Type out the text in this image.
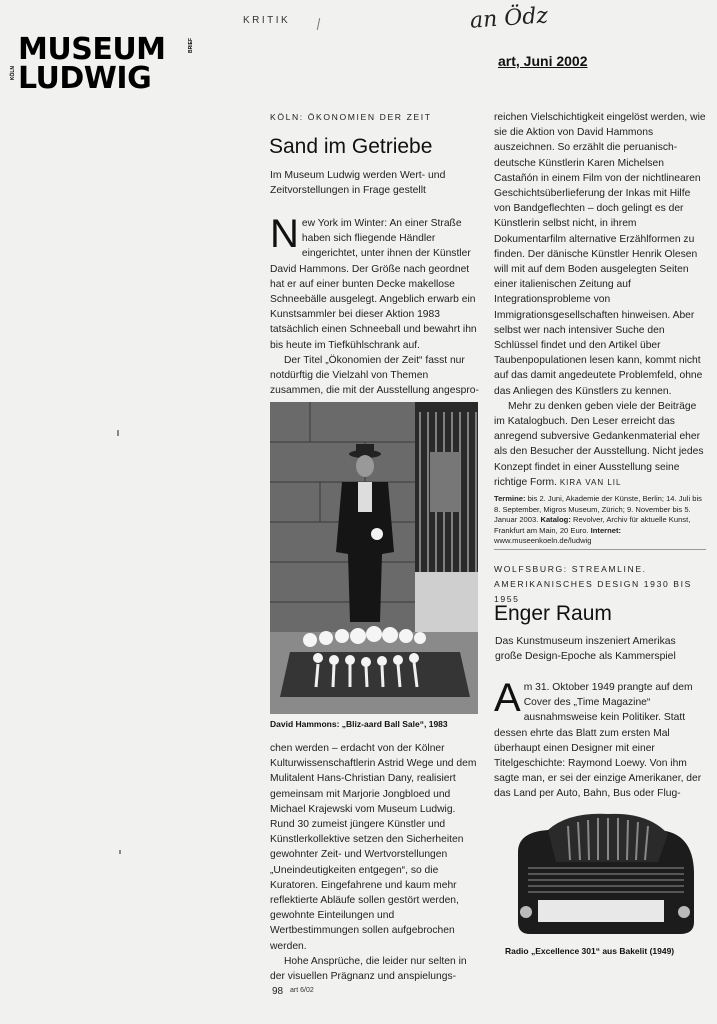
MUSEUM
LUDWIG
KÖLN
BRIEF
KRITIK	an Ödz
art, Juni 2002
KÖLN: ÖKONOMIEN DER ZEIT
Sand im Getriebe
Im Museum Ludwig werden Wert- und Zeitvorstellungen in Frage gestellt

New York im Winter: An einer Straße haben sich fliegende Händler eingerichtet, unter ihnen der Künstler David Hammons. Der Größe nach geordnet hat er auf einer bunten Decke makellose Schneebälle ausgelegt. Angeblich erwarb ein Kunstsammler bei dieser Aktion 1983 tatsächlich einen Schneeball und bewahrt ihn bis heute im Tiefkühlschrank auf.

Der Titel „Ökonomien der Zeit“ fasst nur notdürftig die Vielzahl von Themen zusammen, die mit der Ausstellung angespro-

David Hammons: „Bliz-aard Ball Sale“, 1983

chen werden – erdacht von der Kölner Kulturwissenschaftlerin Astrid Wege und dem Mulitalent Hans-Christian Dany, realisiert gemeinsam mit Marjorie Jongbloed und Michael Krajewski vom Museum Ludwig. Rund 30 zumeist jüngere Künstler und Künstlerkollektive setzen den Sicherheiten gewohnter Zeit- und Wertvorstellungen „Uneindeutigkeiten entgegen“, so die Kuratoren. Eingefahrene und kaum mehr reflektierte Abläufe sollen gestört werden, gewohnte Einteilungen und Wertbestimmungen sollen aufgebrochen werden.

Hohe Ansprüche, die leider nur selten in der visuellen Prägnanz und anspielungs-

reichen Vielschichtigkeit eingelöst werden, wie sie die Aktion von David Hammons auszeichnen. So erzählt die peruanisch-deutsche Künstlerin Karen Michelsen Castañón in einem Film von der nichtlinearen Geschichtsüberlieferung der Inkas mit Hilfe von Bandgeflechten – doch gelingt es der Künstlerin selbst nicht, in ihrem Dokumentarfilm alternative Erzählformen zu finden. Der dänische Künstler Henrik Olesen will mit auf dem Boden ausgelegten Seiten einer italienischen Zeitung auf Integrationsprobleme von Immigrationsgesellschaften hinweisen. Aber selbst wer nach intensiver Suche den Schlüssel findet und den Artikel über Taubenpopulationen lesen kann, kommt nicht auf das damit angedeutete Problemfeld, ohne das Anliegen des Künstlers zu kennen.

Mehr zu denken geben viele der Beiträge im Katalogbuch. Den Leser erreicht das anregend subversive Gedankenmaterial eher als den Besucher der Ausstellung. Nicht jedes Konzept findet in einer Ausstellung seine richtige Form. KIRA VAN LIL

Termine: bis 2. Juni, Akademie der Künste, Berlin; 14. Juli bis 8. September, Migros Museum, Zürich; 9. November bis 5. Januar 2003. Katalog: Revolver, Archiv für aktuelle Kunst, Frankfurt am Main, 20 Euro. Internet: www.museenkoeln.de/ludwig

WOLFSBURG: STREAMLINE. AMERIKANISCHES DESIGN 1930 BIS 1955
Enger Raum
Das Kunstmuseum inszeniert Amerikas große Design-Epoche als Kammerspiel

Am 31. Oktober 1949 prangte auf dem Cover des „Time Magazine“ ausnahmsweise kein Politiker. Statt dessen ehrte das Blatt zum ersten Mal überhaupt einen Designer mit einer Titelgeschichte: Raymond Loewy. Von ihm sagte man, er sei der einzige Amerikaner, der das Land per Auto, Bahn, Bus oder Flug-

Radio „Excellence 301“ aus Bakelit (1949)
98 art 6/02
